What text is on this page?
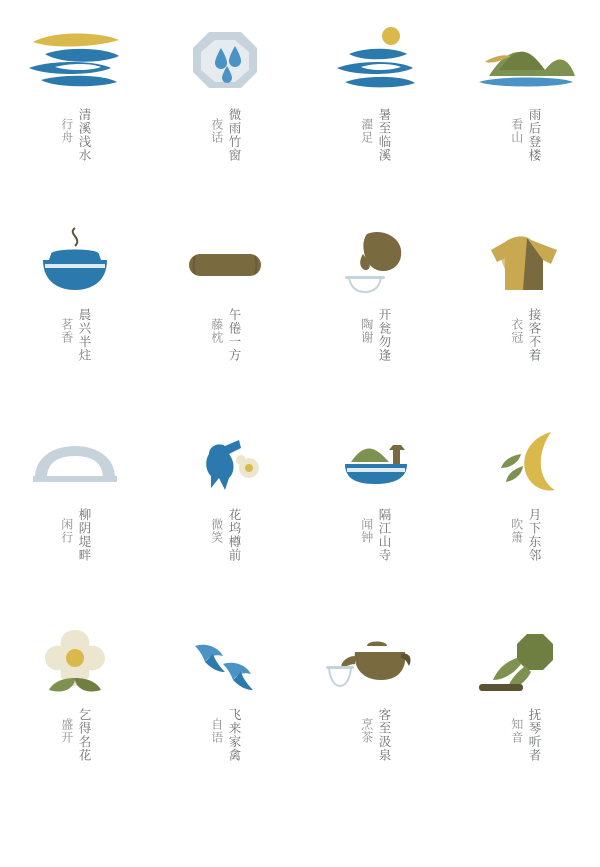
清溪浅水
行舟	微雨竹窗
夜话	暑至临溪
濯足	雨后登楼
看山
晨兴半炷
茗香	午倦一方
藤枕	开瓮勿逢
陶谢	接客不着
衣冠
柳阴堤畔
闲行	花坞樽前
微笑	隔江山寺
闻钟	月下东邻
吹箫
乞得名花
盛开	飞来家禽
自语	客至汲泉
烹茶	抚琴听者
知音
